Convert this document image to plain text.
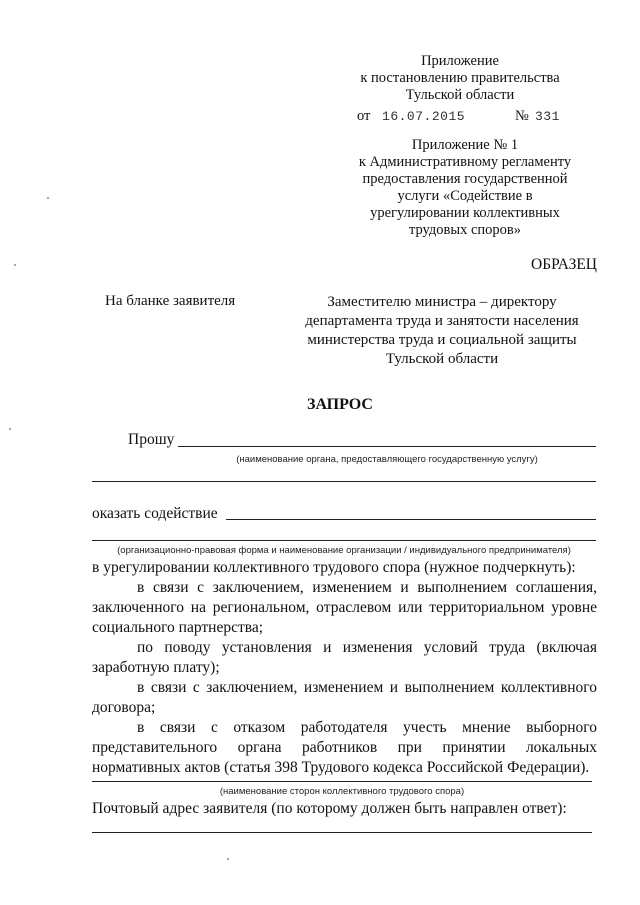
Приложение
к постановлению правительства
Тульской области
от 16.07.2015	№ 331
Приложение № 1
к Административному регламенту
предоставления государственной
услуги «Содействие в
урегулировании коллективных
трудовых споров»
ОБРАЗЕЦ
На бланке заявителя	Заместителю министра – директору
департамента труда и занятости населения
министерства труда и социальной защиты
Тульской области
ЗАПРОС
Прошу
(наименование органа, предоставляющего государственную услугу)
оказать содействие
(организационно-правовая форма и наименование организации / индивидуального предпринимателя)
в урегулировании коллективного трудового спора (нужное подчеркнуть):
в связи с заключением, изменением и выполнением соглашения, заключенного на региональном, отраслевом или территориальном уровне социального партнерства;
по поводу установления и изменения условий труда (включая заработную плату);
в связи с заключением, изменением и выполнением коллективного договора;
в связи с отказом работодателя учесть мнение выборного представительного органа работников при принятии локальных нормативных актов (статья 398 Трудового кодекса Российской Федерации).
(наименование сторон коллективного трудового спора)
Почтовый адрес заявителя (по которому должен быть направлен ответ):
